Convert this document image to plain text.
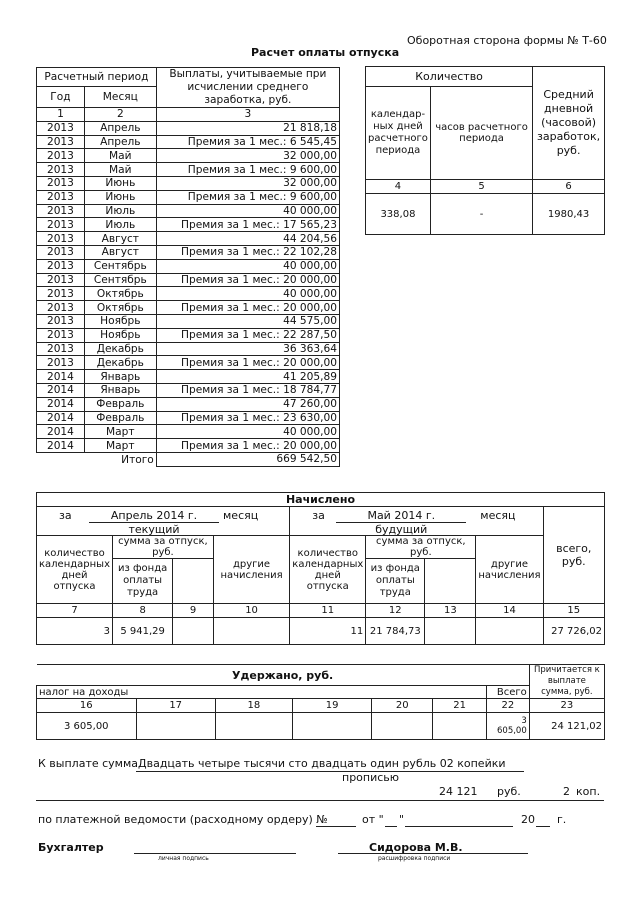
Оборотная сторона формы № Т-60
Расчет оплаты отпуска
Расчетный период		Выплаты, учитываемые при исчислении среднего заработка, руб.
Год	Месяц	
1	2	3
2013	Апрель	21 818,18
2013	Апрель	Премия за 1 мес.: 6 545,45
2013	Май	32 000,00
2013	Май	Премия за 1 мес.: 9 600,00
2013	Июнь	32 000,00
2013	Июнь	Премия за 1 мес.: 9 600,00
2013	Июль	40 000,00
2013	Июль	Премия за 1 мес.: 17 565,23
2013	Август	44 204,56
2013	Август	Премия за 1 мес.: 22 102,28
2013	Сентябрь	40 000,00
2013	Сентябрь	Премия за 1 мес.: 20 000,00
2013	Октябрь	40 000,00
2013	Октябрь	Премия за 1 мес.: 20 000,00
2013	Ноябрь	44 575,00
2013	Ноябрь	Премия за 1 мес.: 22 287,50
2013	Декабрь	36 363,64
2013	Декабрь	Премия за 1 мес.: 20 000,00
2014	Январь	41 205,89
2014	Январь	Премия за 1 мес.: 18 784,77
2014	Февраль	47 260,00
2014	Февраль	Премия за 1 мес.: 23 630,00
2014	Март	40 000,00
2014	Март	Премия за 1 мес.: 20 000,00
	Итого	669 542,50
Количество		Средний дневной (часовой) заработок, руб.
календар-ных дней расчетного периода	часов расчетного периода	
4	5	6
338,08	-	1980,43
Начислено								

за Апрель 2014 г. месяц
текущий				за Май 2014 г. месяц
будущий				всего, руб.
количество календарных дней отпуска	сумма за отпуск, руб.		другие начисления	количество календарных дней отпуска	сумма за отпуск, руб.		другие начисления	
	из фонда оплаты труда				из фонда оплаты труда			
7	8	9	10	11	12	13	14	15
3	5 941,29			11	21 784,73			27 726,02
Удержано, руб.							Причитается к выплате сумма, руб.
налог на доходы						Всего	
16	17	18	19	20	21	22	23
3 605,00						3 605,00	24 121,02
К выплате сумма Двадцать четыре тысячи сто двадцать один рубль 02 копейки
прописью
24 121 руб.	2 коп.
по платежной ведомости (расходному ордеру) №	от " "	20 г.
Бухгалтер
личная подпись
Сидорова М.В.
расшифровка подписи
